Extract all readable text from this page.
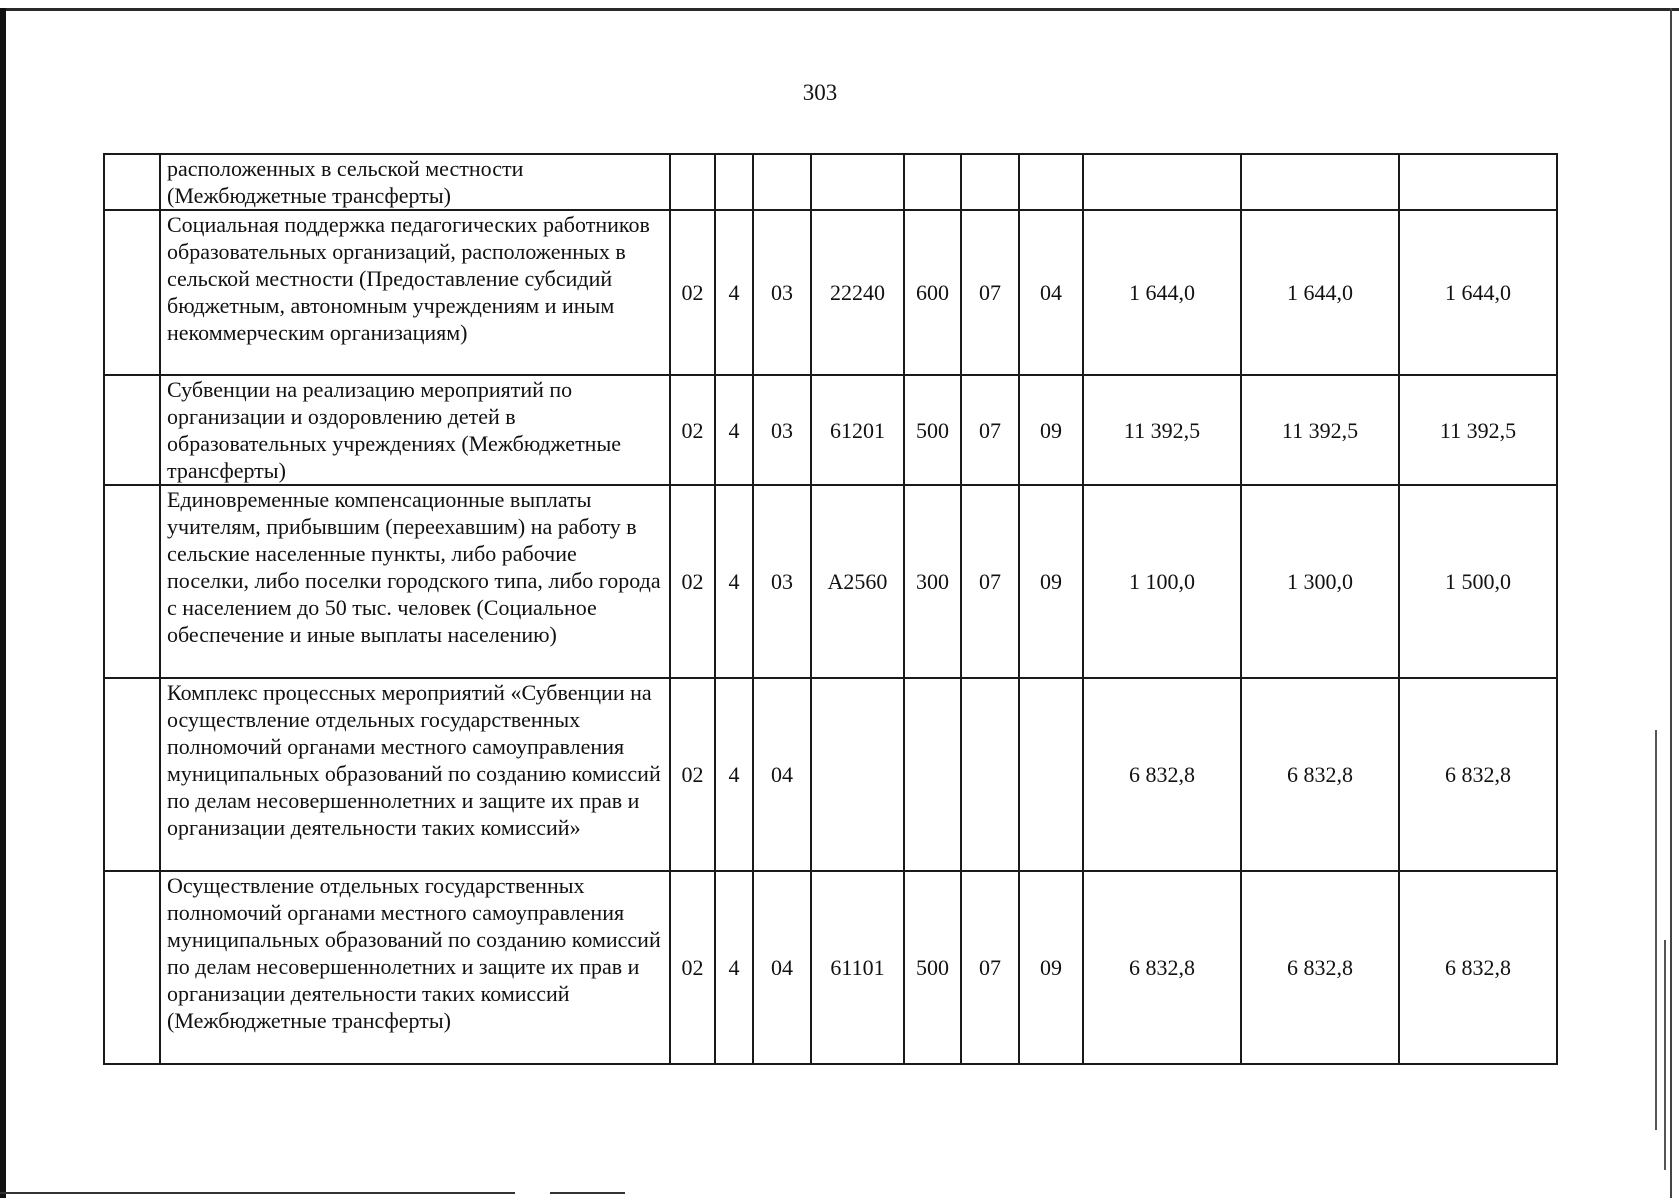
303
	расположенных в сельской местности (Межбюджетные трансферты)										
	Социальная поддержка педагогических работников образовательных организаций, расположенных в сельской местности (Предоставление субсидий бюджетным, автономным учреждениям и иным некоммерческим организациям)	02	4	03	22240	600	07	04	1 644,0	1 644,0	1 644,0
	Субвенции на реализацию мероприятий по организации и оздоровлению детей в образовательных учреждениях (Межбюджетные трансферты)	02	4	03	61201	500	07	09	11 392,5	11 392,5	11 392,5
	Единовременные компенсационные выплаты учителям, прибывшим (переехавшим) на работу в сельские населенные пункты, либо рабочие поселки, либо поселки городского типа, либо города с населением до 50 тыс. человек (Социальное обеспечение и иные выплаты населению)	02	4	03	A2560	300	07	09	1 100,0	1 300,0	1 500,0
	Комплекс процессных мероприятий «Субвенции на осуществление отдельных государственных полномочий органами местного самоуправления муниципальных образований по созданию комиссий по делам несовершеннолетних и защите их прав и организации деятельности таких комиссий»	02	4	04					6 832,8	6 832,8	6 832,8
	Осуществление отдельных государственных полномочий органами местного самоуправления муниципальных образований по созданию комиссий по делам несовершеннолетних и защите их прав и организации деятельности таких комиссий (Межбюджетные трансферты)	02	4	04	61101	500	07	09	6 832,8	6 832,8	6 832,8
